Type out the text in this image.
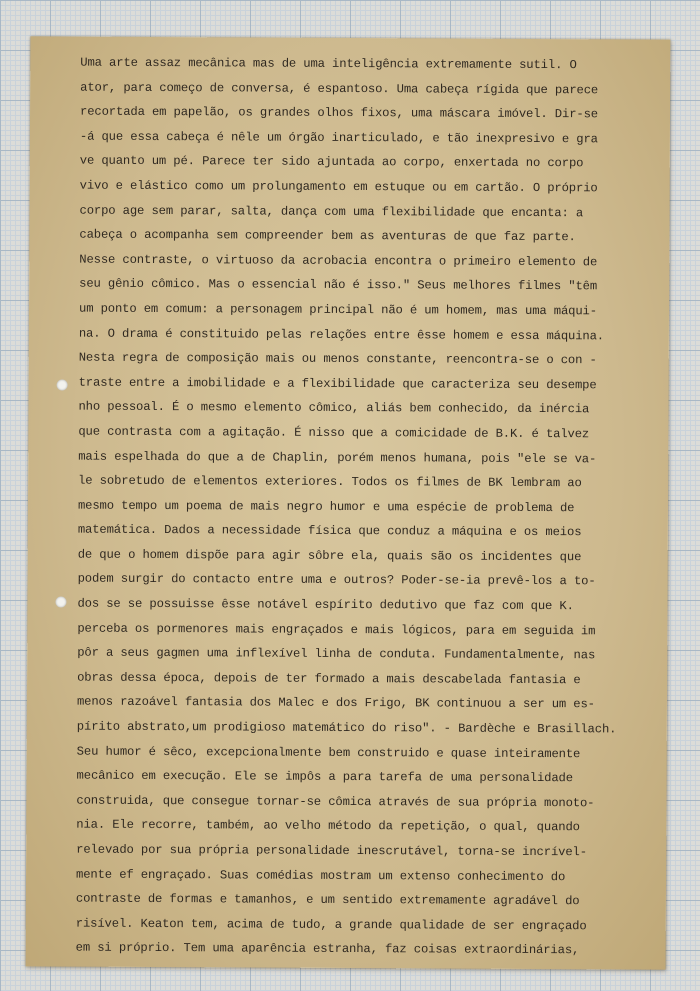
Uma arte assaz mecânica mas de uma inteligência extremamente sutil. O
ator, para começo de conversa, é espantoso. Uma cabeça rígida que parece
recortada em papelão, os grandes olhos fixos, uma máscara imóvel. Dir-se
-á que essa cabeça é nêle um órgão inarticulado, e tão inexpresivo e gra
ve quanto um pé. Parece ter sido ajuntada ao corpo, enxertada no corpo
vivo e elástico como um prolungamento em estuque ou em cartão. O próprio
corpo age sem parar, salta, dança com uma flexibilidade que encanta: a
cabeça o acompanha sem compreender bem as aventuras de que faz parte.
Nesse contraste, o virtuoso da acrobacia encontra o primeiro elemento de
seu gênio cômico. Mas o essencial não é isso." Seus melhores filmes "têm
um ponto em comum: a personagem principal não é um homem, mas uma máqui-
na. O drama é constituido pelas relações entre êsse homem e essa máquina.
Nesta regra de composição mais ou menos constante, reencontra-se o con -
traste entre a imobilidade e a flexibilidade que caracteriza seu desempe
nho pessoal. É o mesmo elemento cômico, aliás bem conhecido, da inércia
que contrasta com a agitação. É nisso que a comicidade de B.K. é talvez
mais espelhada do que a de Chaplin, porém menos humana, pois "ele se va-
le sobretudo de elementos exteriores. Todos os filmes de BK lembram ao
mesmo tempo um poema de mais negro humor e uma espécie de problema de
matemática. Dados a necessidade física que conduz a máquina e os meios
de que o homem dispõe para agir sôbre ela, quais são os incidentes que
podem surgir do contacto entre uma e outros? Poder-se-ia prevê-los a to-
dos se se possuisse êsse notável espírito dedutivo que faz com que K.
perceba os pormenores mais engraçados e mais lógicos, para em seguida im
pôr a seus gagmen uma inflexível linha de conduta. Fundamentalmente, nas
obras dessa época, depois de ter formado a mais descabelada fantasia e
menos razoável fantasia dos Malec e dos Frigo, BK continuou a ser um es-
pírito abstrato,um prodigioso matemático do riso". - Bardèche e Brasillach.
Seu humor é sêco, excepcionalmente bem construido e quase inteiramente
mecânico em execução. Ele se impôs a para tarefa de uma personalidade
construida, que consegue tornar-se cômica através de sua própria monoto-
nia. Ele recorre, também, ao velho método da repetição, o qual, quando
relevado por sua própria personalidade inescrutável, torna-se incrível-
mente ef engraçado. Suas comédias mostram um extenso conhecimento do
contraste de formas e tamanhos, e um sentido extremamente agradável do
risível. Keaton tem, acima de tudo, a grande qualidade de ser engraçado
em si próprio. Tem uma aparência estranha, faz coisas extraordinárias,
